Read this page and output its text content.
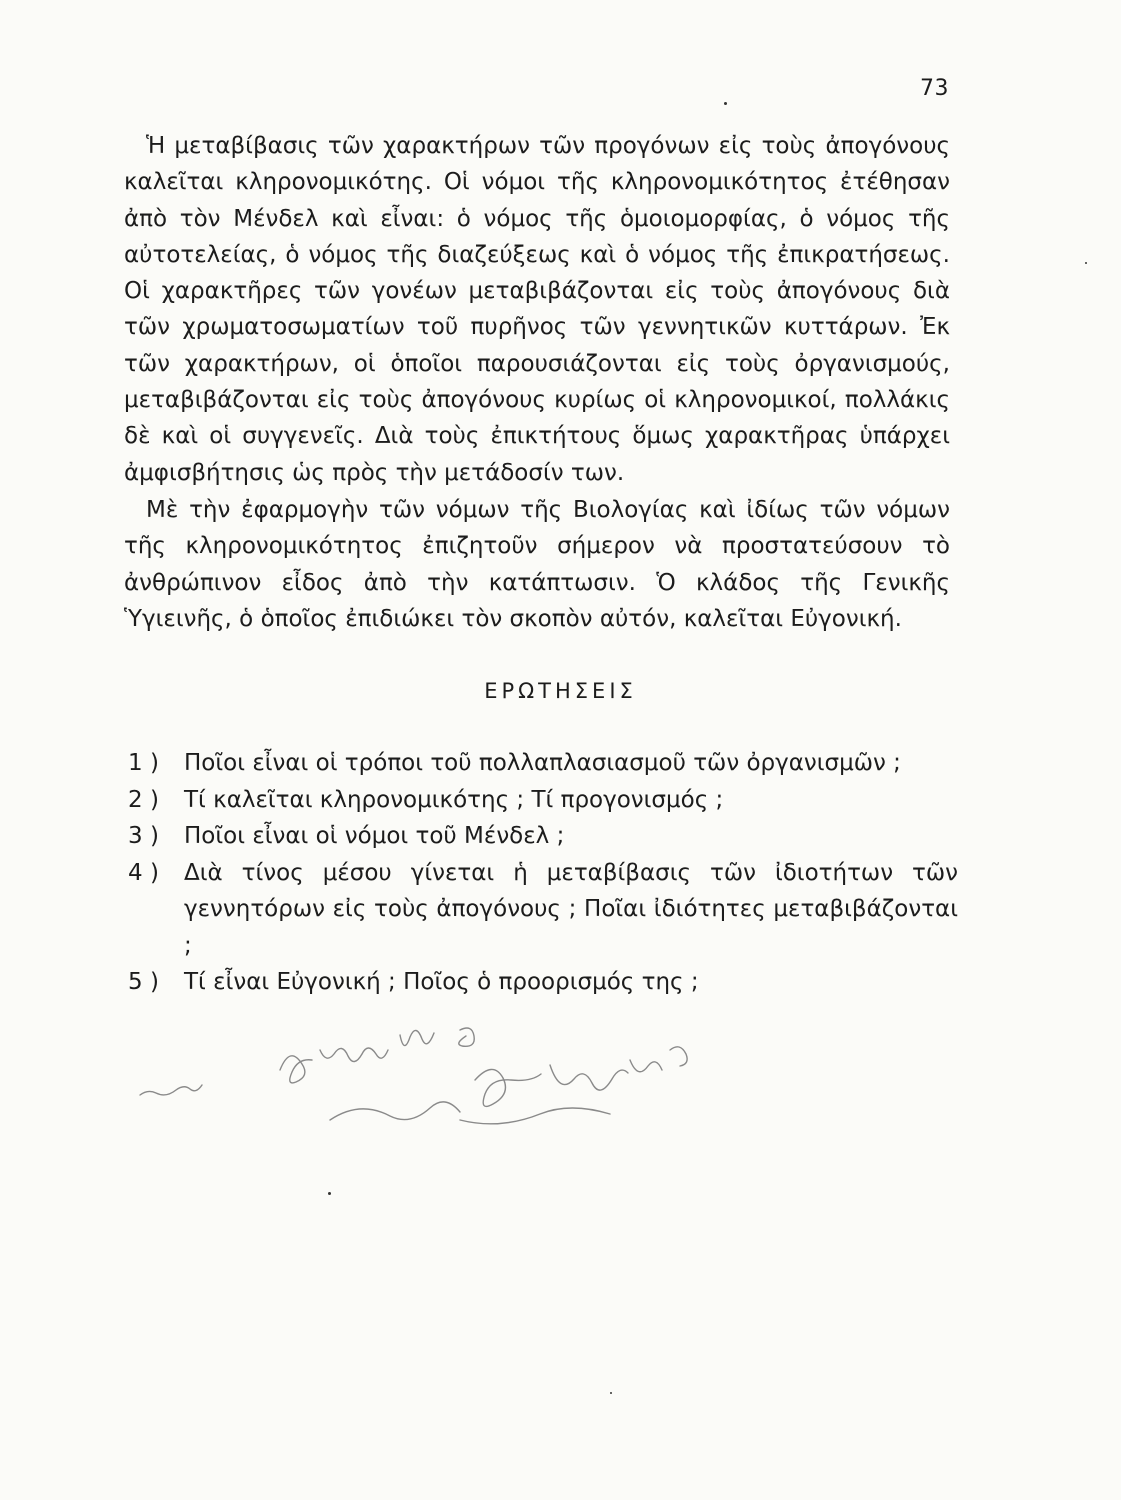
73

Ἡ μεταβίβασις τῶν χαρακτήρων τῶν προγόνων εἰς τοὺς ἀπογόνους καλεῖται κληρονομικότης. Οἱ νόμοι τῆς κληρονομικότητος ἐτέθησαν ἀπὸ τὸν Μένδελ καὶ εἶναι: ὁ νόμος τῆς ὁμοιομορφίας, ὁ νόμος τῆς αὐτοτελείας, ὁ νόμος τῆς διαζεύξεως καὶ ὁ νόμος τῆς ἐπικρατήσεως. Οἱ χαρακτῆρες τῶν γονέων μεταβιβάζονται εἰς τοὺς ἀπογόνους διὰ τῶν χρωματοσωματίων τοῦ πυρῆνος τῶν γεννητικῶν κυττάρων. Ἐκ τῶν χαρακτήρων, οἱ ὁποῖοι παρουσιάζονται εἰς τοὺς ὀργανισμούς, μεταβιβάζονται εἰς τοὺς ἀπογόνους κυρίως οἱ κληρονομικοί, πολλάκις δὲ καὶ οἱ συγγενεῖς. Διὰ τοὺς ἐπικτήτους ὅμως χαρακτῆρας ὑπάρχει ἀμφισβήτησις ὡς πρὸς τὴν μετάδοσίν των.

Μὲ τὴν ἐφαρμογὴν τῶν νόμων τῆς Βιολογίας καὶ ἰδίως τῶν νόμων τῆς κληρονομικότητος ἐπιζητοῦν σήμερον νὰ προστατεύσουν τὸ ἀνθρώπινον εἶδος ἀπὸ τὴν κατάπτωσιν. Ὁ κλάδος τῆς Γενικῆς Ὑγιεινῆς, ὁ ὁποῖος ἐπιδιώκει τὸν σκοπὸν αὐτόν, καλεῖται Εὐγονική.

ΕΡΩΤΗΣΕΙΣ
1 )	Ποῖοι εἶναι οἱ τρόποι τοῦ πολλαπλασιασμοῦ τῶν ὀργανισμῶν ;
2 )	Τί καλεῖται κληρονομικότης ; Τί προγονισμός ;
3 )	Ποῖοι εἶναι οἱ νόμοι τοῦ Μένδελ ;
4 )	Διὰ τίνος μέσου γίνεται ἡ μεταβίβασις τῶν ἰδιοτήτων τῶν γεννητόρων εἰς τοὺς ἀπογόνους ; Ποῖαι ἰδιότητες μεταβιβάζονται ;
5 )	Τί εἶναι Εὐγονική ; Ποῖος ὁ προορισμός της ;
